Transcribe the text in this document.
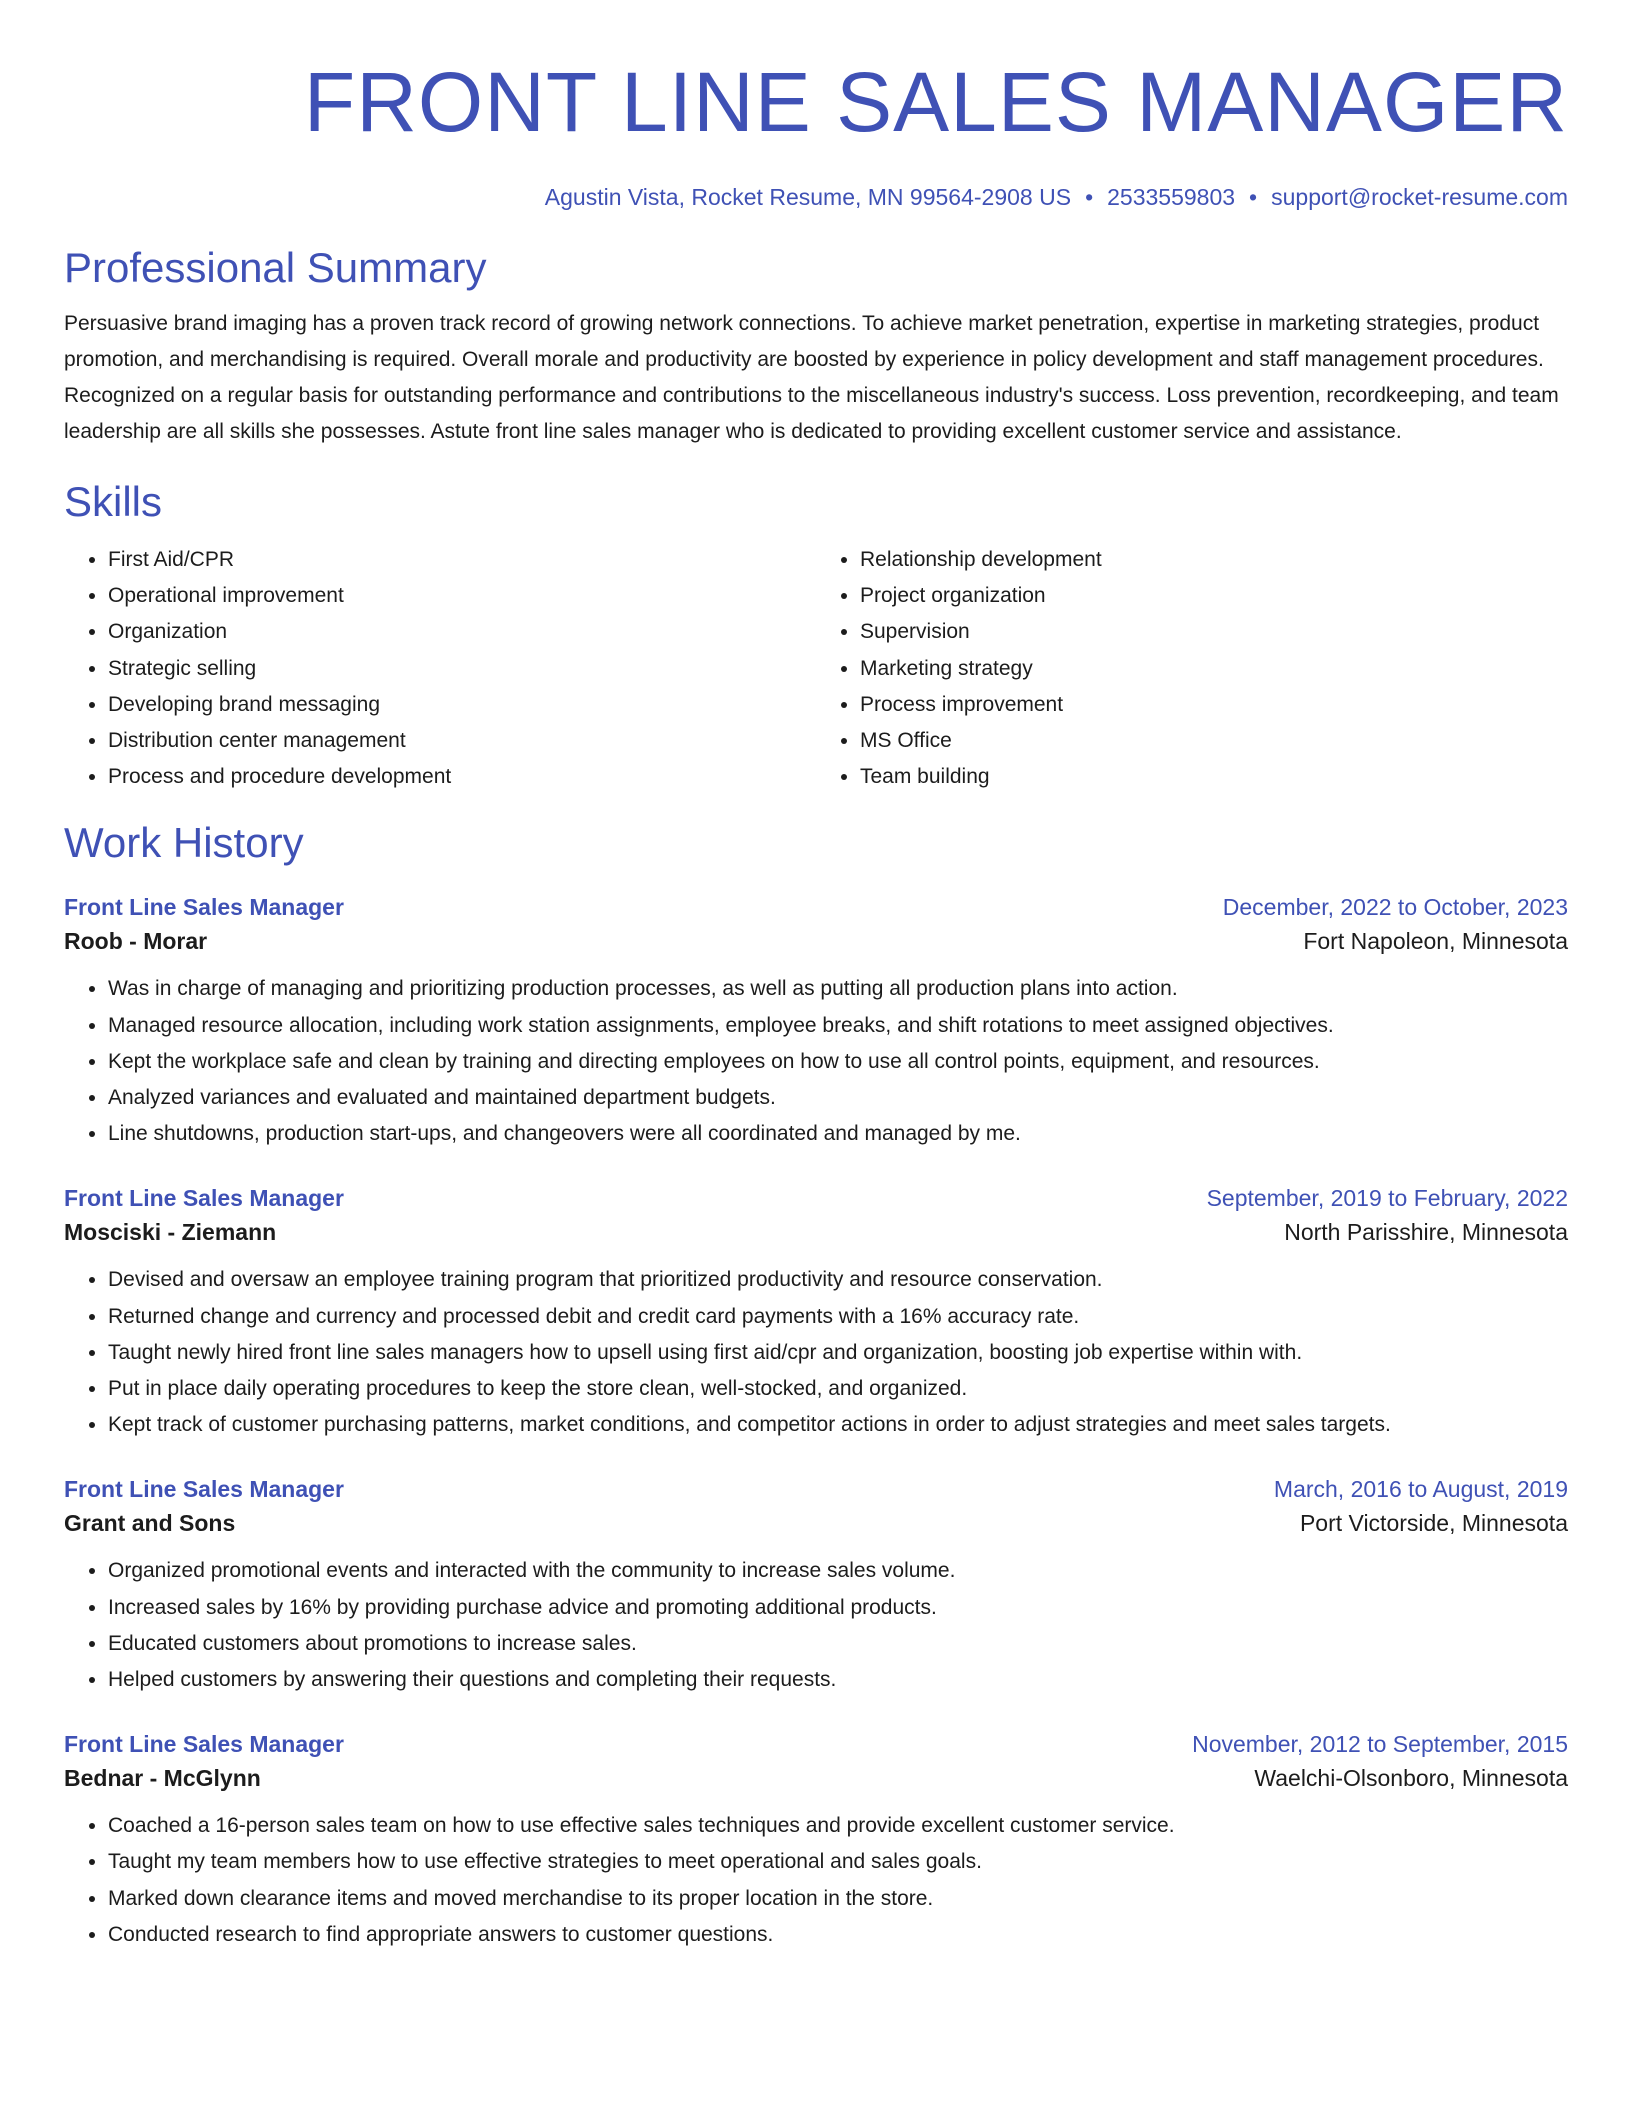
FRONT LINE SALES MANAGER
Agustin Vista, Rocket Resume, MN 99564-2908 US • 2533559803 • support@rocket-resume.com
Professional Summary

Persuasive brand imaging has a proven track record of growing network connections. To achieve market penetration, expertise in marketing strategies, product promotion, and merchandising is required. Overall morale and productivity are boosted by experience in policy development and staff management procedures. Recognized on a regular basis for outstanding performance and contributions to the miscellaneous industry's success. Loss prevention, recordkeeping, and team leadership are all skills she possesses. Astute front line sales manager who is dedicated to providing excellent customer service and assistance.

Skills
• First Aid/CPR
• Operational improvement
• Organization
• Strategic selling
• Developing brand messaging
• Distribution center management
• Process and procedure development
• Relationship development
• Project organization
• Supervision
• Marketing strategy
• Process improvement
• MS Office
• Team building
Work History
Front Line Sales Manager	December, 2022 to October, 2023
Roob - Morar	Fort Napoleon, Minnesota
• Was in charge of managing and prioritizing production processes, as well as putting all production plans into action.
• Managed resource allocation, including work station assignments, employee breaks, and shift rotations to meet assigned objectives.
• Kept the workplace safe and clean by training and directing employees on how to use all control points, equipment, and resources.
• Analyzed variances and evaluated and maintained department budgets.
• Line shutdowns, production start-ups, and changeovers were all coordinated and managed by me.
Front Line Sales Manager	September, 2019 to February, 2022
Mosciski - Ziemann	North Parisshire, Minnesota
• Devised and oversaw an employee training program that prioritized productivity and resource conservation.
• Returned change and currency and processed debit and credit card payments with a 16% accuracy rate.
• Taught newly hired front line sales managers how to upsell using first aid/cpr and organization, boosting job expertise within with.
• Put in place daily operating procedures to keep the store clean, well-stocked, and organized.
• Kept track of customer purchasing patterns, market conditions, and competitor actions in order to adjust strategies and meet sales targets.
Front Line Sales Manager	March, 2016 to August, 2019
Grant and Sons	Port Victorside, Minnesota
• Organized promotional events and interacted with the community to increase sales volume.
• Increased sales by 16% by providing purchase advice and promoting additional products.
• Educated customers about promotions to increase sales.
• Helped customers by answering their questions and completing their requests.
Front Line Sales Manager	November, 2012 to September, 2015
Bednar - McGlynn	Waelchi-Olsonboro, Minnesota
• Coached a 16-person sales team on how to use effective sales techniques and provide excellent customer service.
• Taught my team members how to use effective strategies to meet operational and sales goals.
• Marked down clearance items and moved merchandise to its proper location in the store.
• Conducted research to find appropriate answers to customer questions.
